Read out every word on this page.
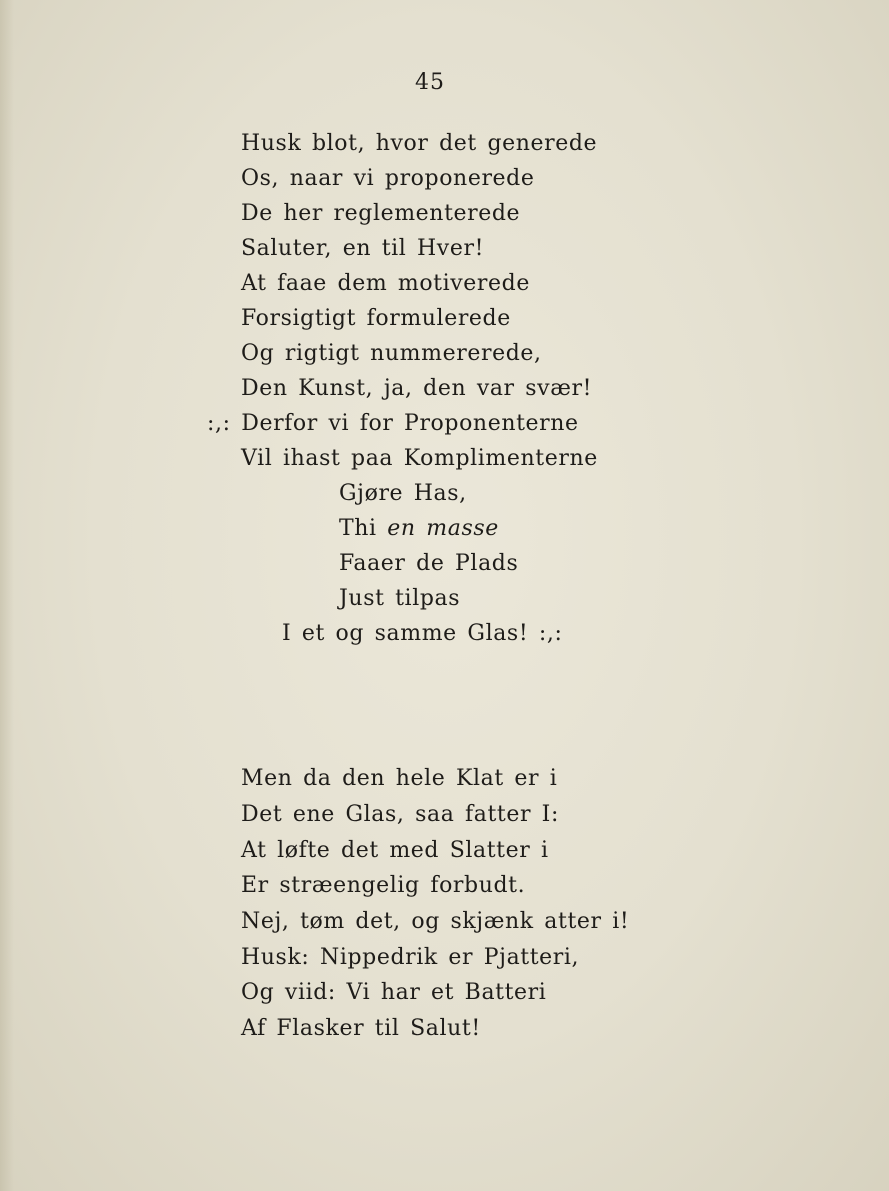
45
Husk blot, hvor det generede
Os, naar vi proponerede
De her reglementerede
Saluter, en til Hver!
At faae dem motiverede
Forsigtigt formulerede
Og rigtigt nummererede,
Den Kunst, ja, den var svær!
:,: Derfor vi for Proponenterne
Vil ihast paa Komplimenterne
Gjøre Has,
Thi en masse
Faaer de Plads
Just tilpas
I et og samme Glas! :,:
Men da den hele Klat er i
Det ene Glas, saa fatter I:
At løfte det med Slatter i
Er stræengelig forbudt.
Nej, tøm det, og skjænk atter i!
Husk: Nippedrik er Pjatteri,
Og viid: Vi har et Batteri
Af Flasker til Salut!
